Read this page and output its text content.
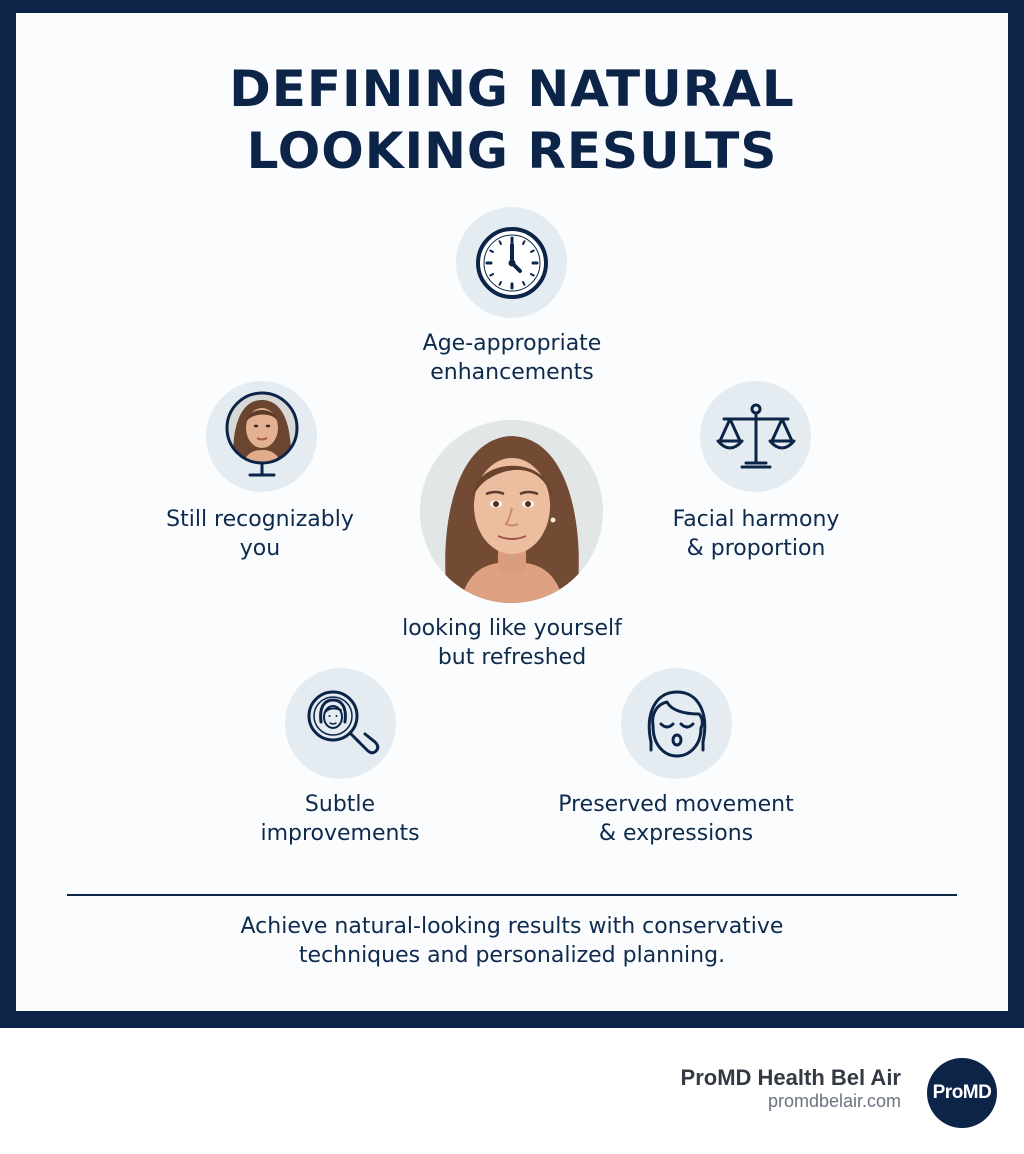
DEFINING NATURAL
LOOKING RESULTS
Age-appropriate
enhancements
Still recognizably
you
Facial harmony
& proportion
looking like yourself
but refreshed
Subtle
improvements
Preserved movement
& expressions
Achieve natural-looking results with conservative
techniques and personalized planning.
ProMD Health Bel Air
promdbelair.com ProMD
